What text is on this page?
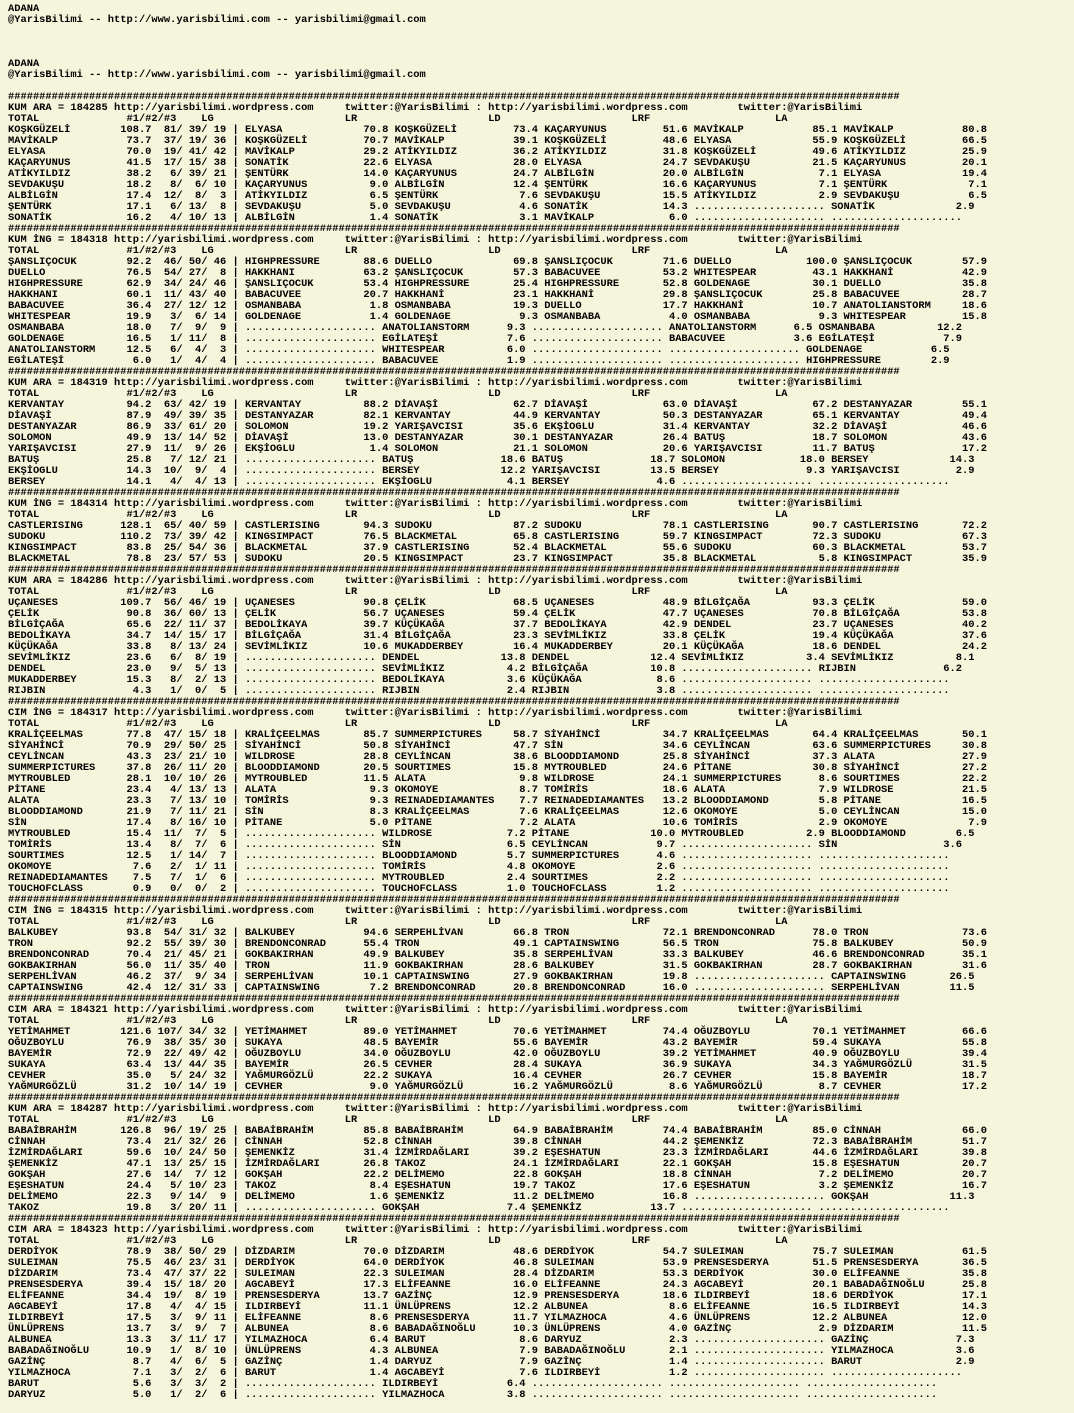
ADANA
@YarisBilimi -- http://www.yarisbilimi.com -- yarisbilimi@gmail.com

ADANA
@YarisBilimi -- http://www.yarisbilimi.com -- yarisbilimi@gmail.com

###############################################################################################################################################
KUM ARA = 184285 http://yarisbilimi.wordpress.com     twitter:@YarisBilimi : http://yarisbilimi.wordpress.com        twitter:@YarisBilimi
TOTAL              #1/#2/#3    LG                     LR                     LD                     LRF                    LA
KOŞKGÜZELİ        108.7  81/ 39/ 19 | ELYASA             70.8 KOŞKGÜZELİ         73.4 KAÇARYUNUS         51.6 MAVİKALP           85.1 MAVİKALP           80.8
MAVİKALP           73.7  37/ 19/ 36 | KOŞKGÜZELİ         70.7 MAVİKALP           39.1 KOŞKGÜZELİ         48.6 ELYASA             55.9 KOŞKGÜZELİ         66.5
ELYASA             70.0  19/ 41/ 42 | MAVİKALP           29.2 ATİKYILDIZ         36.2 ATİKYILDIZ         31.8 KOŞKGÜZELİ         49.6 ATİKYILDIZ         25.9
KAÇARYUNUS         41.5  17/ 15/ 38 | SONATİK            22.6 ELYASA             28.0 ELYASA             24.7 SEVDAKUŞU          21.5 KAÇARYUNUS         20.1
ATİKYILDIZ         38.2   6/ 39/ 21 | ŞENTÜRK            14.0 KAÇARYUNUS         24.7 ALBİLGİN           20.0 ALBİLGİN            7.1 ELYASA             19.4
SEVDAKUŞU          18.2   8/  6/ 10 | KAÇARYUNUS          9.0 ALBİLGİN           12.4 ŞENTÜRK            16.6 KAÇARYUNUS          7.1 ŞENTÜRK             7.1
ALBİLGİN           17.4  12/  8/  3 | ATİKYILDIZ          6.5 ŞENTÜRK             7.6 SEVDAKUŞU          15.5 ATİKYILDIZ          2.9 SEVDAKUŞU           6.5
ŞENTÜRK            17.1   6/ 13/  8 | SEVDAKUŞU           5.0 SEVDAKUŞU           4.6 SONATİK            14.3 ..................... SONATİK             2.9
SONATİK            16.2   4/ 10/ 13 | ALBİLGİN            1.4 SONATİK             3.1 MAVİKALP            6.0 ..................... .....................
###############################################################################################################################################
KUM İNG = 184318 http://yarisbilimi.wordpress.com     twitter:@YarisBilimi : http://yarisbilimi.wordpress.com        twitter:@YarisBilimi
TOTAL              #1/#2/#3    LG                     LR                     LD                     LRF                    LA
ŞANSLIÇOCUK        92.2  46/ 50/ 46 | HIGHPRESSURE       88.6 DUELLO             69.8 ŞANSLIÇOCUK        71.6 DUELLO            100.0 ŞANSLIÇOCUK        57.9
DUELLO             76.5  54/ 27/  8 | HAKKHANI           63.2 ŞANSLIÇOCUK        57.3 BABACUVEE          53.2 WHITESPEAR         43.1 HAKKHANİ           42.9
HIGHPRESSURE       62.9  34/ 24/ 46 | ŞANSLIÇOCUK        53.4 HIGHPRESSURE       25.4 HIGHPRESSURE       52.8 GOLDENAGE          30.1 DUELLO             35.8
HAKKHANI           60.1  11/ 43/ 40 | BABACUVEE          20.7 HAKKHANİ           23.1 HAKKHANİ           29.8 ŞANSLIÇOCUK        25.8 BABACUVEE          28.7
BABACUVEE          36.4  27/ 12/ 12 | OSMANBABA           1.8 OSMANBABA          19.3 DUELLO             17.7 HAKKHANİ           10.7 ANATOLIANSTORM     18.6
WHITESPEAR         19.9   3/  6/ 14 | GOLDENAGE           1.4 GOLDENAGE           9.3 OSMANBABA           4.0 OSMANBABA           9.3 WHITESPEAR         15.8
OSMANBABA          18.0   7/  9/  9 | ..................... ANATOLIANSTORM      9.3 ..................... ANATOLIANSTORM      6.5 OSMANBABA          12.2
GOLDENAGE          16.5   1/ 11/  8 | ..................... EGİLATEŞİ           7.6 ..................... BABACUVEE           3.6 EGİLATEŞİ           7.9
ANATOLIANSTORM     12.5   6/  4/  3 | ..................... WHITESPEAR          6.0 ..................... ..................... GOLDENAGE           6.5
EGİLATEŞİ           6.0   1/  4/  4 | ..................... BABACUVEE           1.9 ..................... ..................... HIGHPRESSURE        2.9
###############################################################################################################################################
KUM ARA = 184319 http://yarisbilimi.wordpress.com     twitter:@YarisBilimi : http://yarisbilimi.wordpress.com        twitter:@YarisBilimi
TOTAL              #1/#2/#3    LG                     LR                     LD                     LRF                    LA
KERVANTAY          94.2  63/ 42/ 19 | KERVANTAY          88.2 DİAVAŞİ            62.7 DİAVAŞİ            63.0 DİAVAŞİ            67.2 DESTANYAZAR        55.1
DİAVAŞİ            87.9  49/ 39/ 35 | DESTANYAZAR        82.1 KERVANTAY          44.9 KERVANTAY          50.3 DESTANYAZAR        65.1 KERVANTAY          49.4
DESTANYAZAR        86.9  33/ 61/ 20 | SOLOMON            19.2 YARIŞAVCISI        35.6 EKŞİOGLU           31.4 KERVANTAY          32.2 DİAVAŞİ            46.6
SOLOMON            49.9  13/ 14/ 52 | DİAVAŞİ            13.0 DESTANYAZAR        30.1 DESTANYAZAR        26.4 BATUŞ              18.7 SOLOMON            43.6
YARIŞAVCISI        27.9  11/  9/ 26 | EKŞİOGLU            1.4 SOLOMON            21.1 SOLOMON            20.6 YARIŞAVCISI        11.7 BATUŞ              17.2
BATUŞ              25.8   7/ 12/ 21 | ..................... BATUŞ              18.6 BATUŞ              18.7 SOLOMON            18.0 BERSEY             14.3
EKŞİOGLU           14.3  10/  9/  4 | ..................... BERSEY             12.2 YARIŞAVCISI        13.5 BERSEY              9.3 YARIŞAVCISI         2.9
BERSEY             14.1   4/  4/ 13 | ..................... EKŞİOGLU            4.1 BERSEY              4.6 ..................... .....................
###############################################################################################################################################
KUM İNG = 184314 http://yarisbilimi.wordpress.com     twitter:@YarisBilimi : http://yarisbilimi.wordpress.com        twitter:@YarisBilimi
TOTAL              #1/#2/#3    LG                     LR                     LD                     LRF                    LA
CASTLERISING      128.1  65/ 40/ 59 | CASTLERISING       94.3 SUDOKU             87.2 SUDOKU             78.1 CASTLERISING       90.7 CASTLERISING       72.2
SUDOKU            110.2  73/ 39/ 42 | KINGSIMPACT        76.5 BLACKMETAL         65.8 CASTLERISING       59.7 KINGSIMPACT        72.3 SUDOKU             67.3
KINGSIMPACT        83.8  25/ 54/ 36 | BLACKMETAL         37.9 CASTLERISING       52.4 BLACKMETAL         55.6 SUDOKU             60.3 BLACKMETAL         53.7
BLACKMETAL         78.8  23/ 57/ 53 | SUDOKU             20.5 KINGSIMPACT        23.7 KINGSIMPACT        35.8 BLACKMETAL          5.8 KINGSIMPACT        35.9
###############################################################################################################################################
KUM ARA = 184286 http://yarisbilimi.wordpress.com     twitter:@YarisBilimi : http://yarisbilimi.wordpress.com        twitter:@YarisBilimi
TOTAL              #1/#2/#3    LG                     LR                     LD                     LRF                    LA
UÇANESES          109.7  56/ 46/ 19 | UÇANESES           90.8 ÇELİK              68.5 UÇANESES           48.9 BİLGİÇAĞA          93.3 ÇELİK              59.0
ÇELİK              90.8  36/ 60/ 13 | ÇELİK              56.7 UÇANESES           59.4 ÇELİK              47.7 UÇANESES           70.8 BİLGİÇAĞA          53.8
BİLGİÇAĞA          65.6  22/ 11/ 37 | BEDOLİKAYA         39.7 KÜÇÜKAĞA           37.7 BEDOLİKAYA         42.9 DENDEL             23.7 UÇANESES           40.2
BEDOLİKAYA         34.7  14/ 15/ 17 | BİLGİÇAĞA          31.4 BİLGİÇAĞA          23.3 SEVİMLİKIZ         33.8 ÇELİK              19.4 KÜÇÜKAĞA           37.6
KÜÇÜKAĞA           33.8   8/ 13/ 24 | SEVİMLİKIZ         10.6 MUKADDERBEY        16.4 MUKADDERBEY        20.1 KÜÇÜKAĞA           18.6 DENDEL             24.2
SEVİMLİKIZ         23.6   6/  8/ 19 | ..................... DENDEL             13.8 DENDEL             12.4 SEVİMLİKIZ          3.4 SEVİMLİKIZ          8.1
DENDEL             23.0   9/  5/ 13 | ..................... SEVİMLİKIZ          4.2 BİLGİÇAĞA          10.8 ..................... RIJBIN              6.2
MUKADDERBEY        15.3   8/  2/ 13 | ..................... BEDOLİKAYA          3.6 KÜÇÜKAĞA            8.6 ..................... .....................
RIJBIN              4.3   1/  0/  5 | ..................... RIJBIN              2.4 RIJBIN              3.8 ..................... .....................
###############################################################################################################################################
CIM İNG = 184317 http://yarisbilimi.wordpress.com     twitter:@YarisBilimi : http://yarisbilimi.wordpress.com        twitter:@YarisBilimi
TOTAL              #1/#2/#3    LG                     LR                     LD                     LRF                    LA
KRALİÇEELMAS       77.8  47/ 15/ 18 | KRALİÇEELMAS       85.7 SUMMERPICTURES     58.7 SİYAHİNCİ          34.7 KRALİÇEELMAS       64.4 KRALİÇEELMAS       50.1
SİYAHİNCİ          70.9  29/ 50/ 25 | SİYAHİNCİ          50.8 SİYAHİNCİ          47.7 SİN                34.6 CEYLİNCAN          63.6 SUMMERPICTURES     30.8
CEYLİNCAN          43.3  23/ 21/ 10 | WILDROSE           28.8 CEYLİNCAN          38.6 BLOODDIAMOND       25.8 SİYAHİNCİ          37.3 ALATA              27.9
SUMMERPICTURES     37.8  26/ 11/ 20 | BLOODDIAMOND       20.5 SOURTIMES          15.8 MYTROUBLED         24.6 PİTANE             30.8 SİYAHİNCİ          27.2
MYTROUBLED         28.1  10/ 10/ 26 | MYTROUBLED         11.5 ALATA               9.8 WILDROSE           24.1 SUMMERPICTURES      8.6 SOURTIMES          22.2
PİTANE             23.4   4/ 13/ 13 | ALATA               9.3 OKOMOYE             8.7 TOMİRİS            18.6 ALATA               7.9 WILDROSE           21.5
ALATA              23.3   7/ 13/ 10 | TOMİRİS             9.3 REINADEDIAMANTES    7.7 REINADEDIAMANTES   13.2 BLOODDIAMOND        5.8 PİTANE             16.5
BLOODDIAMOND       21.9   7/ 11/ 21 | SİN                 8.3 KRALİÇEELMAS        7.6 KRALİÇEELMAS       12.6 OKOMOYE             5.0 CEYLİNCAN          15.0
SİN                17.4   8/ 16/ 10 | PİTANE              5.0 PİTANE              7.2 ALATA              10.6 TOMİRİS             2.9 OKOMOYE             7.9
MYTROUBLED         15.4  11/  7/  5 | ..................... WILDROSE            7.2 PİTANE             10.0 MYTROUBLED          2.9 BLOODDIAMOND        6.5
TOMİRİS            13.4   8/  7/  6 | ..................... SİN                 6.5 CEYLİNCAN           9.7 ..................... SİN                 3.6
SOURTIMES          12.5   1/ 14/  7 | ..................... BLOODDIAMOND        5.7 SUMMERPICTURES      4.6 ..................... .....................
OKOMOYE             7.6   2/  1/ 11 | ..................... TOMİRİS             4.8 OKOMOYE             2.6 ..................... .....................
REINADEDIAMANTES    7.5   7/  1/  6 | ..................... MYTROUBLED          2.4 SOURTIMES           2.2 ..................... .....................
TOUCHOFCLASS        0.9   0/  0/  2 | ..................... TOUCHOFCLASS        1.0 TOUCHOFCLASS        1.2 ..................... .....................
###############################################################################################################################################
CIM İNG = 184315 http://yarisbilimi.wordpress.com     twitter:@YarisBilimi : http://yarisbilimi.wordpress.com        twitter:@YarisBilimi
TOTAL              #1/#2/#3    LG                     LR                     LD                     LRF                    LA
BALKUBEY           93.8  54/ 31/ 32 | BALKUBEY           94.6 SERPEHLİVAN        66.8 TRON               72.1 BRENDONCONRAD      78.0 TRON               73.6
TRON               92.2  55/ 39/ 30 | BRENDONCONRAD      55.4 TRON               49.1 CAPTAINSWING       56.5 TRON               75.8 BALKUBEY           50.9
BRENDONCONRAD      70.4  21/ 45/ 21 | GOKBAKIRHAN        49.9 BALKUBEY           35.8 SERPEHLİVAN        33.3 BALKUBEY           46.6 BRENDONCONRAD      35.1
GOKBAKIRHAN        56.0  11/ 35/ 40 | TRON               11.9 GOKBAKIRHAN        28.6 BALKUBEY           31.5 GOKBAKIRHAN        28.7 GOKBAKIRHAN        31.6
SERPEHLİVAN        46.2  37/  9/ 34 | SERPEHLİVAN        10.1 CAPTAINSWING       27.9 GOKBAKIRHAN        19.8 ..................... CAPTAINSWING       26.5
CAPTAINSWING       42.4  12/ 31/ 33 | CAPTAINSWING        7.2 BRENDONCONRAD      20.8 BRENDONCONRAD      16.0 ..................... SERPEHLİVAN        11.5
###############################################################################################################################################
CIM ARA = 184321 http://yarisbilimi.wordpress.com     twitter:@YarisBilimi : http://yarisbilimi.wordpress.com        twitter:@YarisBilimi
TOTAL              #1/#2/#3    LG                     LR                     LD                     LRF                    LA
YETİMAHMET        121.6 107/ 34/ 32 | YETİMAHMET         89.0 YETİMAHMET         70.6 YETİMAHMET         74.4 OĞUZBOYLU          70.1 YETİMAHMET         66.6
OĞUZBOYLU          76.9  38/ 35/ 30 | SUKAYA             48.5 BAYEMİR            55.6 BAYEMİR            43.2 BAYEMİR            59.4 SUKAYA             55.8
BAYEMİR            72.9  22/ 49/ 42 | OĞUZBOYLU          34.0 OĞUZBOYLU          42.0 OĞUZBOYLU          39.2 YETİMAHMET         40.9 OĞUZBOYLU          39.4
SUKAYA             63.4  13/ 44/ 35 | BAYEMİR            26.5 CEVHER             28.4 SUKAYA             36.9 SUKAYA             34.3 YAĞMURGÖZLÜ        31.5
CEVHER             35.0   5/ 24/ 32 | YAĞMURGÖZLÜ        22.2 SUKAYA             16.4 CEVHER             26.7 CEVHER             15.8 BAYEMİR            18.7
YAĞMURGÖZLÜ        31.2  10/ 14/ 19 | CEVHER              9.0 YAĞMURGÖZLÜ        16.2 YAĞMURGÖZLÜ         8.6 YAĞMURGÖZLÜ         8.7 CEVHER             17.2
###############################################################################################################################################
KUM ARA = 184287 http://yarisbilimi.wordpress.com     twitter:@YarisBilimi : http://yarisbilimi.wordpress.com        twitter:@YarisBilimi
TOTAL              #1/#2/#3    LG                     LR                     LD                     LRF                    LA
BABAİBRAHİM       126.8  96/ 19/ 25 | BABAİBRAHİM        85.8 BABAİBRAHİM        64.9 BABAİBRAHİM        74.4 BABAİBRAHİM        85.0 CİNNAH             66.0
CİNNAH             73.4  21/ 32/ 26 | CİNNAH             52.8 CİNNAH             39.8 CİNNAH             44.2 ŞEMENKİZ           72.3 BABAİBRAHİM        51.7
İZMİRDAĞLARI       59.6  10/ 24/ 50 | ŞEMENKİZ           31.4 İZMİRDAĞLARI       39.2 EŞESHATUN          23.3 İZMİRDAĞLARI       44.6 İZMİRDAĞLARI       39.8
ŞEMENKİZ           47.1  13/ 25/ 15 | İZMİRDAĞLARI       26.8 TAKOZ              24.1 İZMİRDAĞLARI       22.1 GOKŞAH             15.8 EŞESHATUN          20.7
GOKŞAH             27.6  14/  7/ 12 | GOKŞAH             22.2 DELİMEMO           22.8 GOKŞAH             18.8 CİNNAH              7.2 DELİMEMO           20.7
EŞESHATUN          24.4   5/ 10/ 23 | TAKOZ               8.4 EŞESHATUN          19.7 TAKOZ              17.6 EŞESHATUN           3.2 ŞEMENKİZ           16.7
DELİMEMO           22.3   9/ 14/  9 | DELİMEMO            1.6 ŞEMENKİZ           11.2 DELİMEMO           16.8 ..................... GOKŞAH             11.3
TAKOZ              19.8   3/ 20/ 11 | ..................... GOKŞAH              7.4 ŞEMENKİZ           13.7 ..................... .....................
###############################################################################################################################################
CIM ARA = 184323 http://yarisbilimi.wordpress.com     twitter:@YarisBilimi : http://yarisbilimi.wordpress.com        twitter:@YarisBilimi
TOTAL              #1/#2/#3    LG                     LR                     LD                     LRF                    LA
DERDİYOK           78.9  38/ 50/ 29 | DİZDARIM           70.0 DİZDARIM           48.6 DERDİYOK           54.7 SULEIMAN           75.7 SULEIMAN           61.5
SULEIMAN           75.5  46/ 23/ 31 | DERDİYOK           64.0 DERDİYOK           46.8 SULEIMAN           53.9 PRENSESDERYA       51.5 PRENSESDERYA       36.5
DİZDARIM           73.4  47/ 37/ 22 | SULEIMAN           22.3 SULEIMAN           28.4 DİZDARIM           53.3 DERDİYOK           30.0 ELİFEANNE          35.8
PRENSESDERYA       39.4  15/ 18/ 20 | AGCABEYİ           17.3 ELİFEANNE          16.0 ELİFEANNE          24.3 AGCABEYİ           20.1 BABADAĞINOĞLU      25.8
ELİFEANNE          34.4  19/  8/ 19 | PRENSESDERYA       13.7 GAZİNÇ             12.9 PRENSESDERYA       18.6 ILDIRBEYİ          18.6 DERDİYOK           17.1
AGCABEYİ           17.8   4/  4/ 15 | ILDIRBEYİ          11.1 ÜNLÜPRENS          12.2 ALBUNEA             8.6 ELİFEANNE          16.5 ILDIRBEYİ          14.3
ILDIRBEYİ          17.5   3/  9/ 11 | ELİFEANNE           8.6 PRENSESDERYA       11.7 YILMAZHOCA          4.6 ÜNLÜPRENS          12.2 ALBUNEA            12.0
ÜNLÜPRENS          13.7   3/  9/  7 | ALBUNEA             8.6 BABADAĞINOĞLU      10.3 ÜNLÜPRENS           4.0 GAZİNÇ              2.9 DİZDARIM           11.5
ALBUNEA            13.3   3/ 11/ 17 | YILMAZHOCA          6.4 BARUT               8.6 DARYUZ              2.3 ..................... GAZİNÇ              7.3
BABADAĞINOĞLU      10.9   1/  8/ 10 | ÜNLÜPRENS           4.3 ALBUNEA             7.9 BABADAĞINOĞLU       2.1 ..................... YILMAZHOCA          3.6
GAZİNÇ              8.7   4/  6/  5 | GAZİNÇ              1.4 DARYUZ              7.9 GAZİNÇ              1.4 ..................... BARUT               2.9
YILMAZHOCA          7.1   3/  2/  6 | BARUT               1.4 AGCABEYİ            7.6 ILDIRBEYİ           1.2 ..................... .....................
BARUT               5.6   3/  3/  2 | ..................... ILDIRBEYİ           6.4 ..................... ..................... .....................
DARYUZ              5.0   1/  2/  6 | ..................... YILMAZHOCA          3.8 ..................... ..................... .....................
